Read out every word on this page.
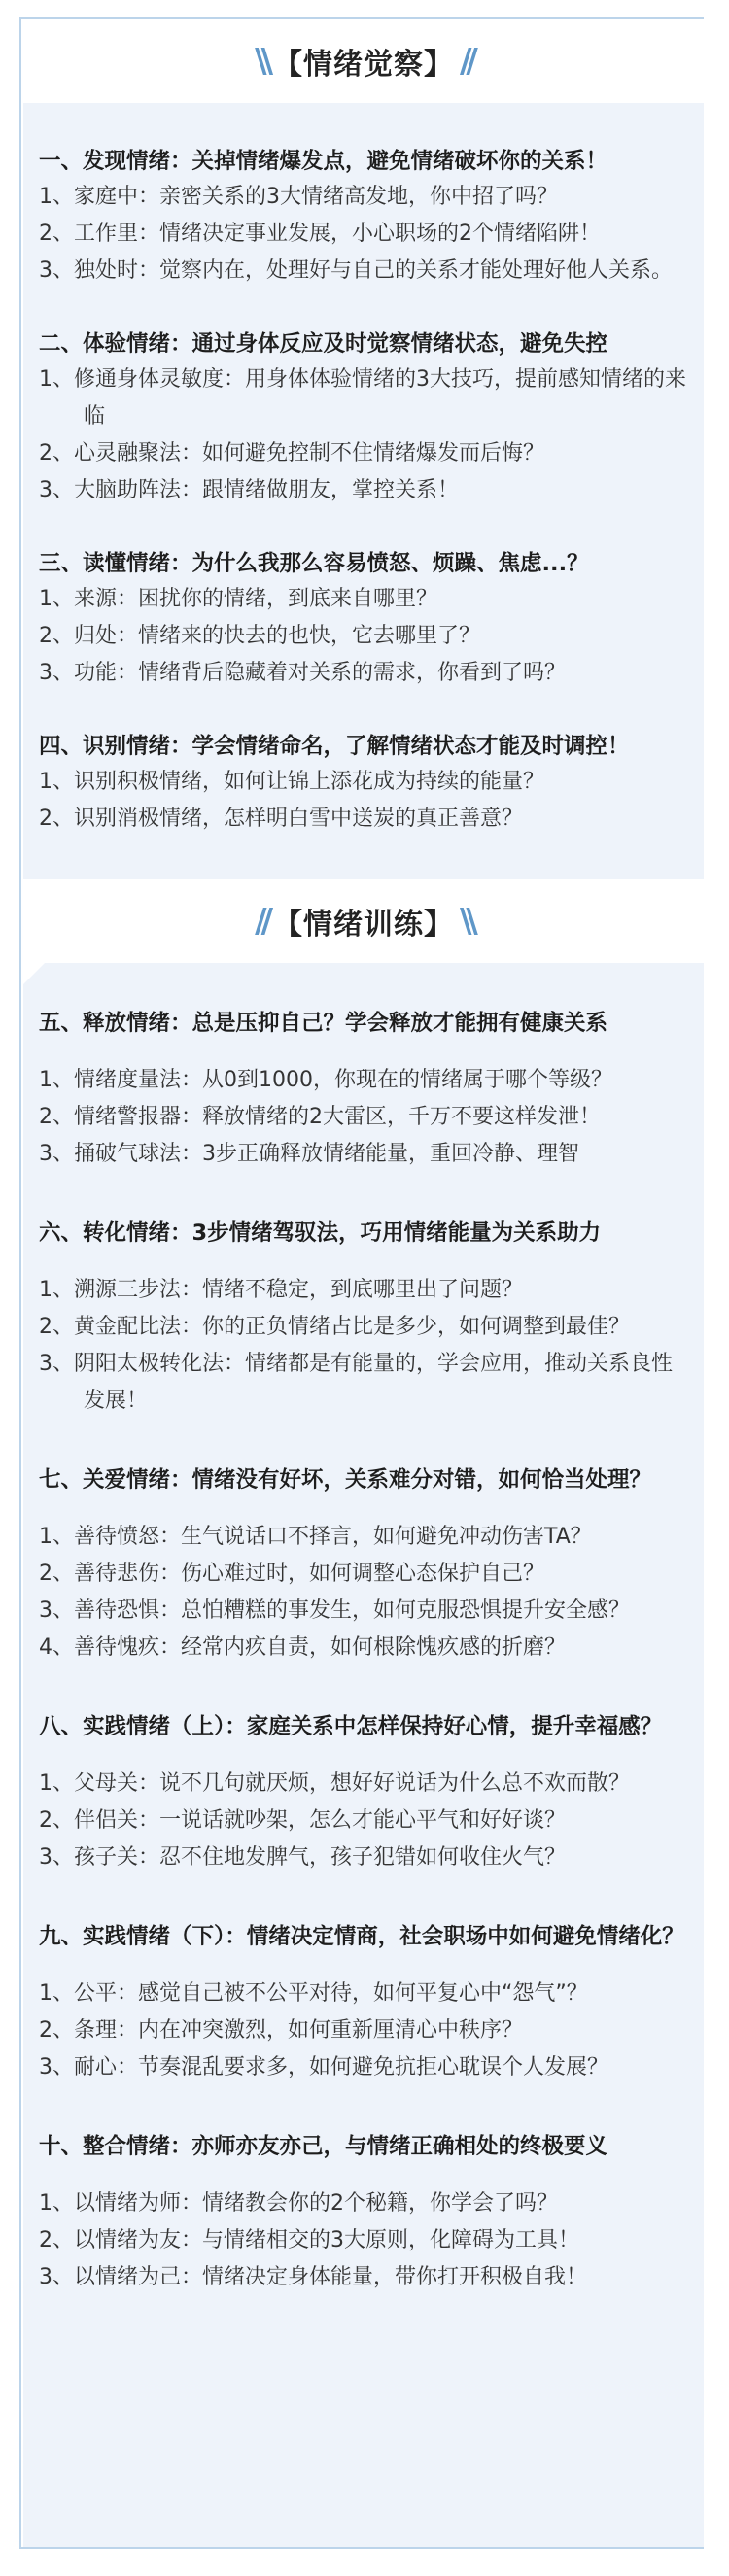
\\ 【情绪觉察】 //
一、发现情绪：关掉情绪爆发点，避免情绪破坏你的关系！
1、家庭中：亲密关系的3大情绪高发地，你中招了吗？
2、工作里：情绪决定事业发展，小心职场的2个情绪陷阱！
3、独处时：觉察内在，处理好与自己的关系才能处理好他人关系。
二、体验情绪：通过身体反应及时觉察情绪状态，避免失控
1、修通身体灵敏度：用身体体验情绪的3大技巧，提前感知情绪的来临
2、心灵融聚法：如何避免控制不住情绪爆发而后悔？
3、大脑助阵法：跟情绪做朋友，掌控关系！
三、读懂情绪：为什么我那么容易愤怒、烦躁、焦虑...？
1、来源：困扰你的情绪，到底来自哪里？
2、归处：情绪来的快去的也快，它去哪里了？
3、功能：情绪背后隐藏着对关系的需求，你看到了吗？
四、识别情绪：学会情绪命名，了解情绪状态才能及时调控！
1、识别积极情绪，如何让锦上添花成为持续的能量？
2、识别消极情绪，怎样明白雪中送炭的真正善意？
// 【情绪训练】 \\
五、释放情绪：总是压抑自己？学会释放才能拥有健康关系
1、情绪度量法：从0到1000，你现在的情绪属于哪个等级？
2、情绪警报器：释放情绪的2大雷区，千万不要这样发泄！
3、捅破气球法：3步正确释放情绪能量，重回冷静、理智
六、转化情绪：3步情绪驾驭法，巧用情绪能量为关系助力
1、溯源三步法：情绪不稳定，到底哪里出了问题？
2、黄金配比法：你的正负情绪占比是多少，如何调整到最佳？
3、阴阳太极转化法：情绪都是有能量的，学会应用，推动关系良性发展！
七、关爱情绪：情绪没有好坏，关系难分对错，如何恰当处理？
1、善待愤怒：生气说话口不择言，如何避免冲动伤害TA？
2、善待悲伤：伤心难过时，如何调整心态保护自己？
3、善待恐惧：总怕糟糕的事发生，如何克服恐惧提升安全感？
4、善待愧疚：经常内疚自责，如何根除愧疚感的折磨？
八、实践情绪（上）：家庭关系中怎样保持好心情，提升幸福感？
1、父母关：说不几句就厌烦，想好好说话为什么总不欢而散？
2、伴侣关：一说话就吵架，怎么才能心平气和好好谈？
3、孩子关：忍不住地发脾气，孩子犯错如何收住火气？
九、实践情绪（下）：情绪决定情商，社会职场中如何避免情绪化？
1、公平：感觉自己被不公平对待，如何平复心中“怨气”？
2、条理：内在冲突激烈，如何重新厘清心中秩序？
3、耐心：节奏混乱要求多，如何避免抗拒心耽误个人发展？
十、整合情绪：亦师亦友亦己，与情绪正确相处的终极要义
1、以情绪为师：情绪教会你的2个秘籍，你学会了吗？
2、以情绪为友：与情绪相交的3大原则，化障碍为工具！
3、以情绪为己：情绪决定身体能量，带你打开积极自我！
